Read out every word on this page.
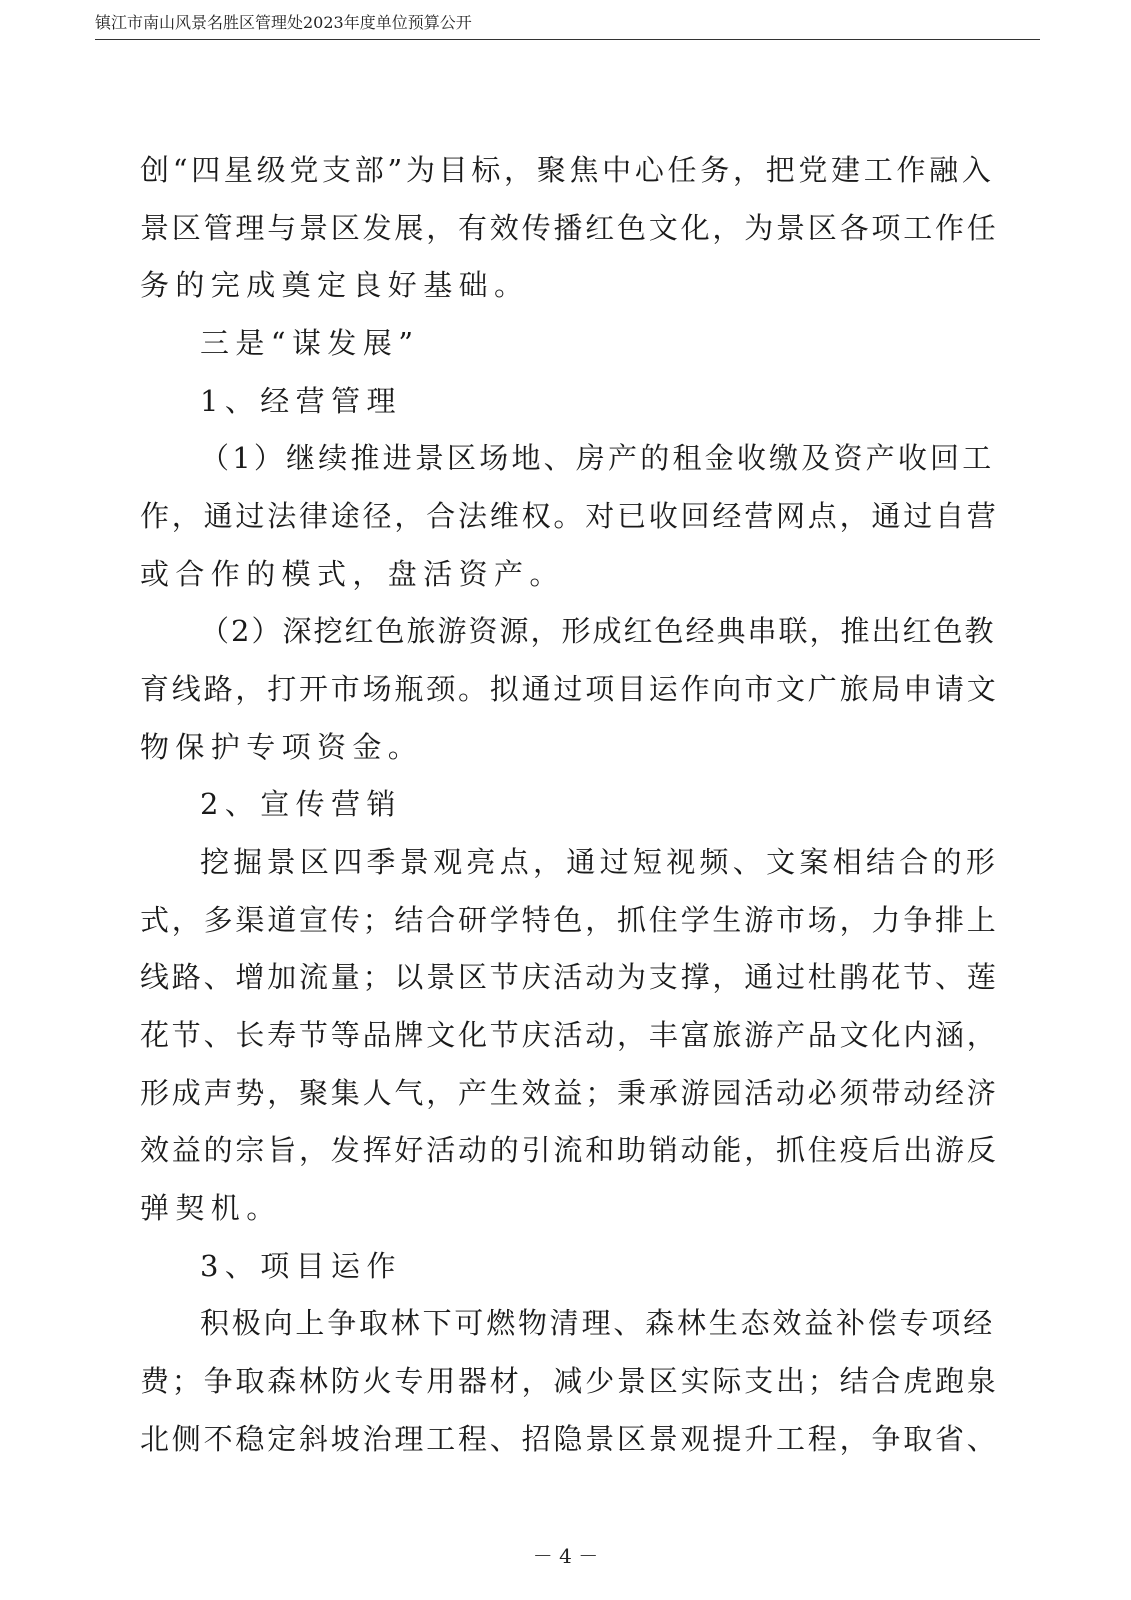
镇江市南山风景名胜区管理处2023年度单位预算公开
创“四星级党支部”为目标，聚焦中心任务，把党建工作融入
景区管理与景区发展，有效传播红色文化，为景区各项工作任
务的完成奠定良好基础。
三是“谋发展”
1、经营管理
（1）继续推进景区场地、房产的租金收缴及资产收回工
作，通过法律途径，合法维权。对已收回经营网点，通过自营
或合作的模式，盘活资产。
（2）深挖红色旅游资源，形成红色经典串联，推出红色教
育线路，打开市场瓶颈。拟通过项目运作向市文广旅局申请文
物保护专项资金。
2、宣传营销
挖掘景区四季景观亮点，通过短视频、文案相结合的形
式，多渠道宣传；结合研学特色，抓住学生游市场，力争排上
线路、增加流量；以景区节庆活动为支撑，通过杜鹃花节、莲
花节、长寿节等品牌文化节庆活动，丰富旅游产品文化内涵，
形成声势，聚集人气，产生效益；秉承游园活动必须带动经济
效益的宗旨，发挥好活动的引流和助销动能，抓住疫后出游反
弹契机。
3、项目运作
积极向上争取林下可燃物清理、森林生态效益补偿专项经
费；争取森林防火专用器材，减少景区实际支出；结合虎跑泉
北侧不稳定斜坡治理工程、招隐景区景观提升工程，争取省、
－ 4 －
